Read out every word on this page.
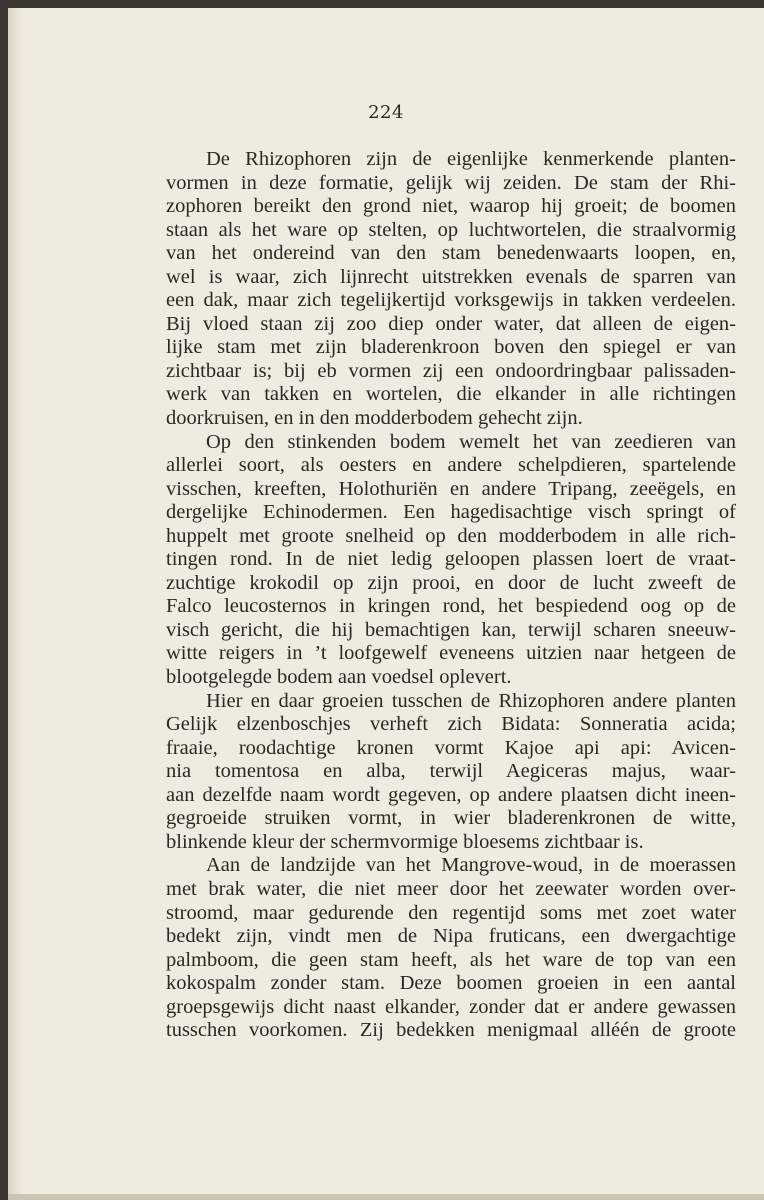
224
De Rhizophoren zijn de eigenlijke kenmerkende planten-
vormen in deze formatie, gelijk wij zeiden. De stam der Rhi-
zophoren bereikt den grond niet, waarop hij groeit; de boomen
staan als het ware op stelten, op luchtwortelen, die straalvormig
van het ondereind van den stam benedenwaarts loopen, en,
wel is waar, zich lijnrecht uitstrekken evenals de sparren van
een dak, maar zich tegelijkertijd vorksgewijs in takken verdeelen.
Bij vloed staan zij zoo diep onder water, dat alleen de eigen-
lijke stam met zijn bladerenkroon boven den spiegel er van
zichtbaar is; bij eb vormen zij een ondoordringbaar palissaden-
werk van takken en wortelen, die elkander in alle richtingen
doorkruisen, en in den modderbodem gehecht zijn.
Op den stinkenden bodem wemelt het van zeedieren van
allerlei soort, als oesters en andere schelpdieren, spartelende
visschen, kreeften, Holothuriën en andere Tripang, zeeëgels, en
dergelijke Echinodermen. Een hagedisachtige visch springt of
huppelt met groote snelheid op den modderbodem in alle rich-
tingen rond. In de niet ledig geloopen plassen loert de vraat-
zuchtige krokodil op zijn prooi, en door de lucht zweeft de
Falco leucosternos in kringen rond, het bespiedend oog op de
visch gericht, die hij bemachtigen kan, terwijl scharen sneeuw-
witte reigers in ’t loofgewelf eveneens uitzien naar hetgeen de
blootgelegde bodem aan voedsel oplevert.
Hier en daar groeien tusschen de Rhizophoren andere planten
Gelijk elzenboschjes verheft zich Bidata: Sonneratia acida;
fraaie, roodachtige kronen vormt Kajoe api api: Avicen-
nia tomentosa en alba, terwijl Aegiceras majus, waar-
aan dezelfde naam wordt gegeven, op andere plaatsen dicht ineen-
gegroeide struiken vormt, in wier bladerenkronen de witte,
blinkende kleur der schermvormige bloesems zichtbaar is.
Aan de landzijde van het Mangrove-woud, in de moerassen
met brak water, die niet meer door het zeewater worden over-
stroomd, maar gedurende den regentijd soms met zoet water
bedekt zijn, vindt men de Nipa fruticans, een dwergachtige
palmboom, die geen stam heeft, als het ware de top van een
kokospalm zonder stam. Deze boomen groeien in een aantal
groepsgewijs dicht naast elkander, zonder dat er andere gewassen
tusschen voorkomen. Zij bedekken menigmaal alléén de groote
